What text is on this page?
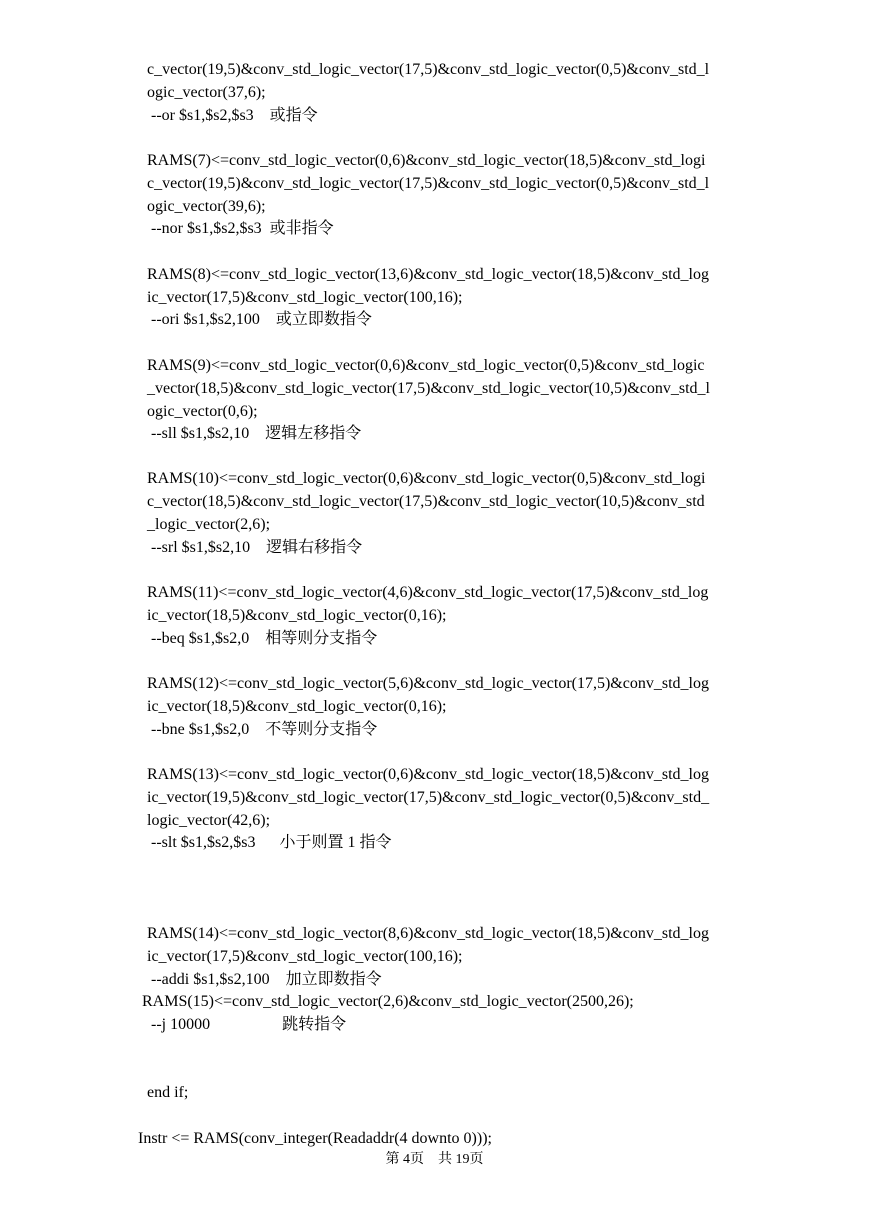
c_vector(19,5)&conv_std_logic_vector(17,5)&conv_std_logic_vector(0,5)&conv_std_l
ogic_vector(37,6);
--or $s1,$s2,$s3    或指令
RAMS(7)<=conv_std_logic_vector(0,6)&conv_std_logic_vector(18,5)&conv_std_logi
c_vector(19,5)&conv_std_logic_vector(17,5)&conv_std_logic_vector(0,5)&conv_std_l
ogic_vector(39,6);
--nor $s1,$s2,$s3  或非指令
RAMS(8)<=conv_std_logic_vector(13,6)&conv_std_logic_vector(18,5)&conv_std_log
ic_vector(17,5)&conv_std_logic_vector(100,16);
--ori $s1,$s2,100    或立即数指令
RAMS(9)<=conv_std_logic_vector(0,6)&conv_std_logic_vector(0,5)&conv_std_logic
_vector(18,5)&conv_std_logic_vector(17,5)&conv_std_logic_vector(10,5)&conv_std_l
ogic_vector(0,6);
--sll $s1,$s2,10    逻辑左移指令
RAMS(10)<=conv_std_logic_vector(0,6)&conv_std_logic_vector(0,5)&conv_std_logi
c_vector(18,5)&conv_std_logic_vector(17,5)&conv_std_logic_vector(10,5)&conv_std
_logic_vector(2,6);
--srl $s1,$s2,10    逻辑右移指令
RAMS(11)<=conv_std_logic_vector(4,6)&conv_std_logic_vector(17,5)&conv_std_log
ic_vector(18,5)&conv_std_logic_vector(0,16);
--beq $s1,$s2,0    相等则分支指令
RAMS(12)<=conv_std_logic_vector(5,6)&conv_std_logic_vector(17,5)&conv_std_log
ic_vector(18,5)&conv_std_logic_vector(0,16);
--bne $s1,$s2,0    不等则分支指令
RAMS(13)<=conv_std_logic_vector(0,6)&conv_std_logic_vector(18,5)&conv_std_log
ic_vector(19,5)&conv_std_logic_vector(17,5)&conv_std_logic_vector(0,5)&conv_std_
logic_vector(42,6);
--slt $s1,$s2,$s3      小于则置 1 指令
RAMS(14)<=conv_std_logic_vector(8,6)&conv_std_logic_vector(18,5)&conv_std_log
ic_vector(17,5)&conv_std_logic_vector(100,16);
--addi $s1,$s2,100    加立即数指令
RAMS(15)<=conv_std_logic_vector(2,6)&conv_std_logic_vector(2500,26);
--j 10000                  跳转指令
end if;
Instr <= RAMS(conv_integer(Readaddr(4 downto 0)));
第 4页    共 19页
